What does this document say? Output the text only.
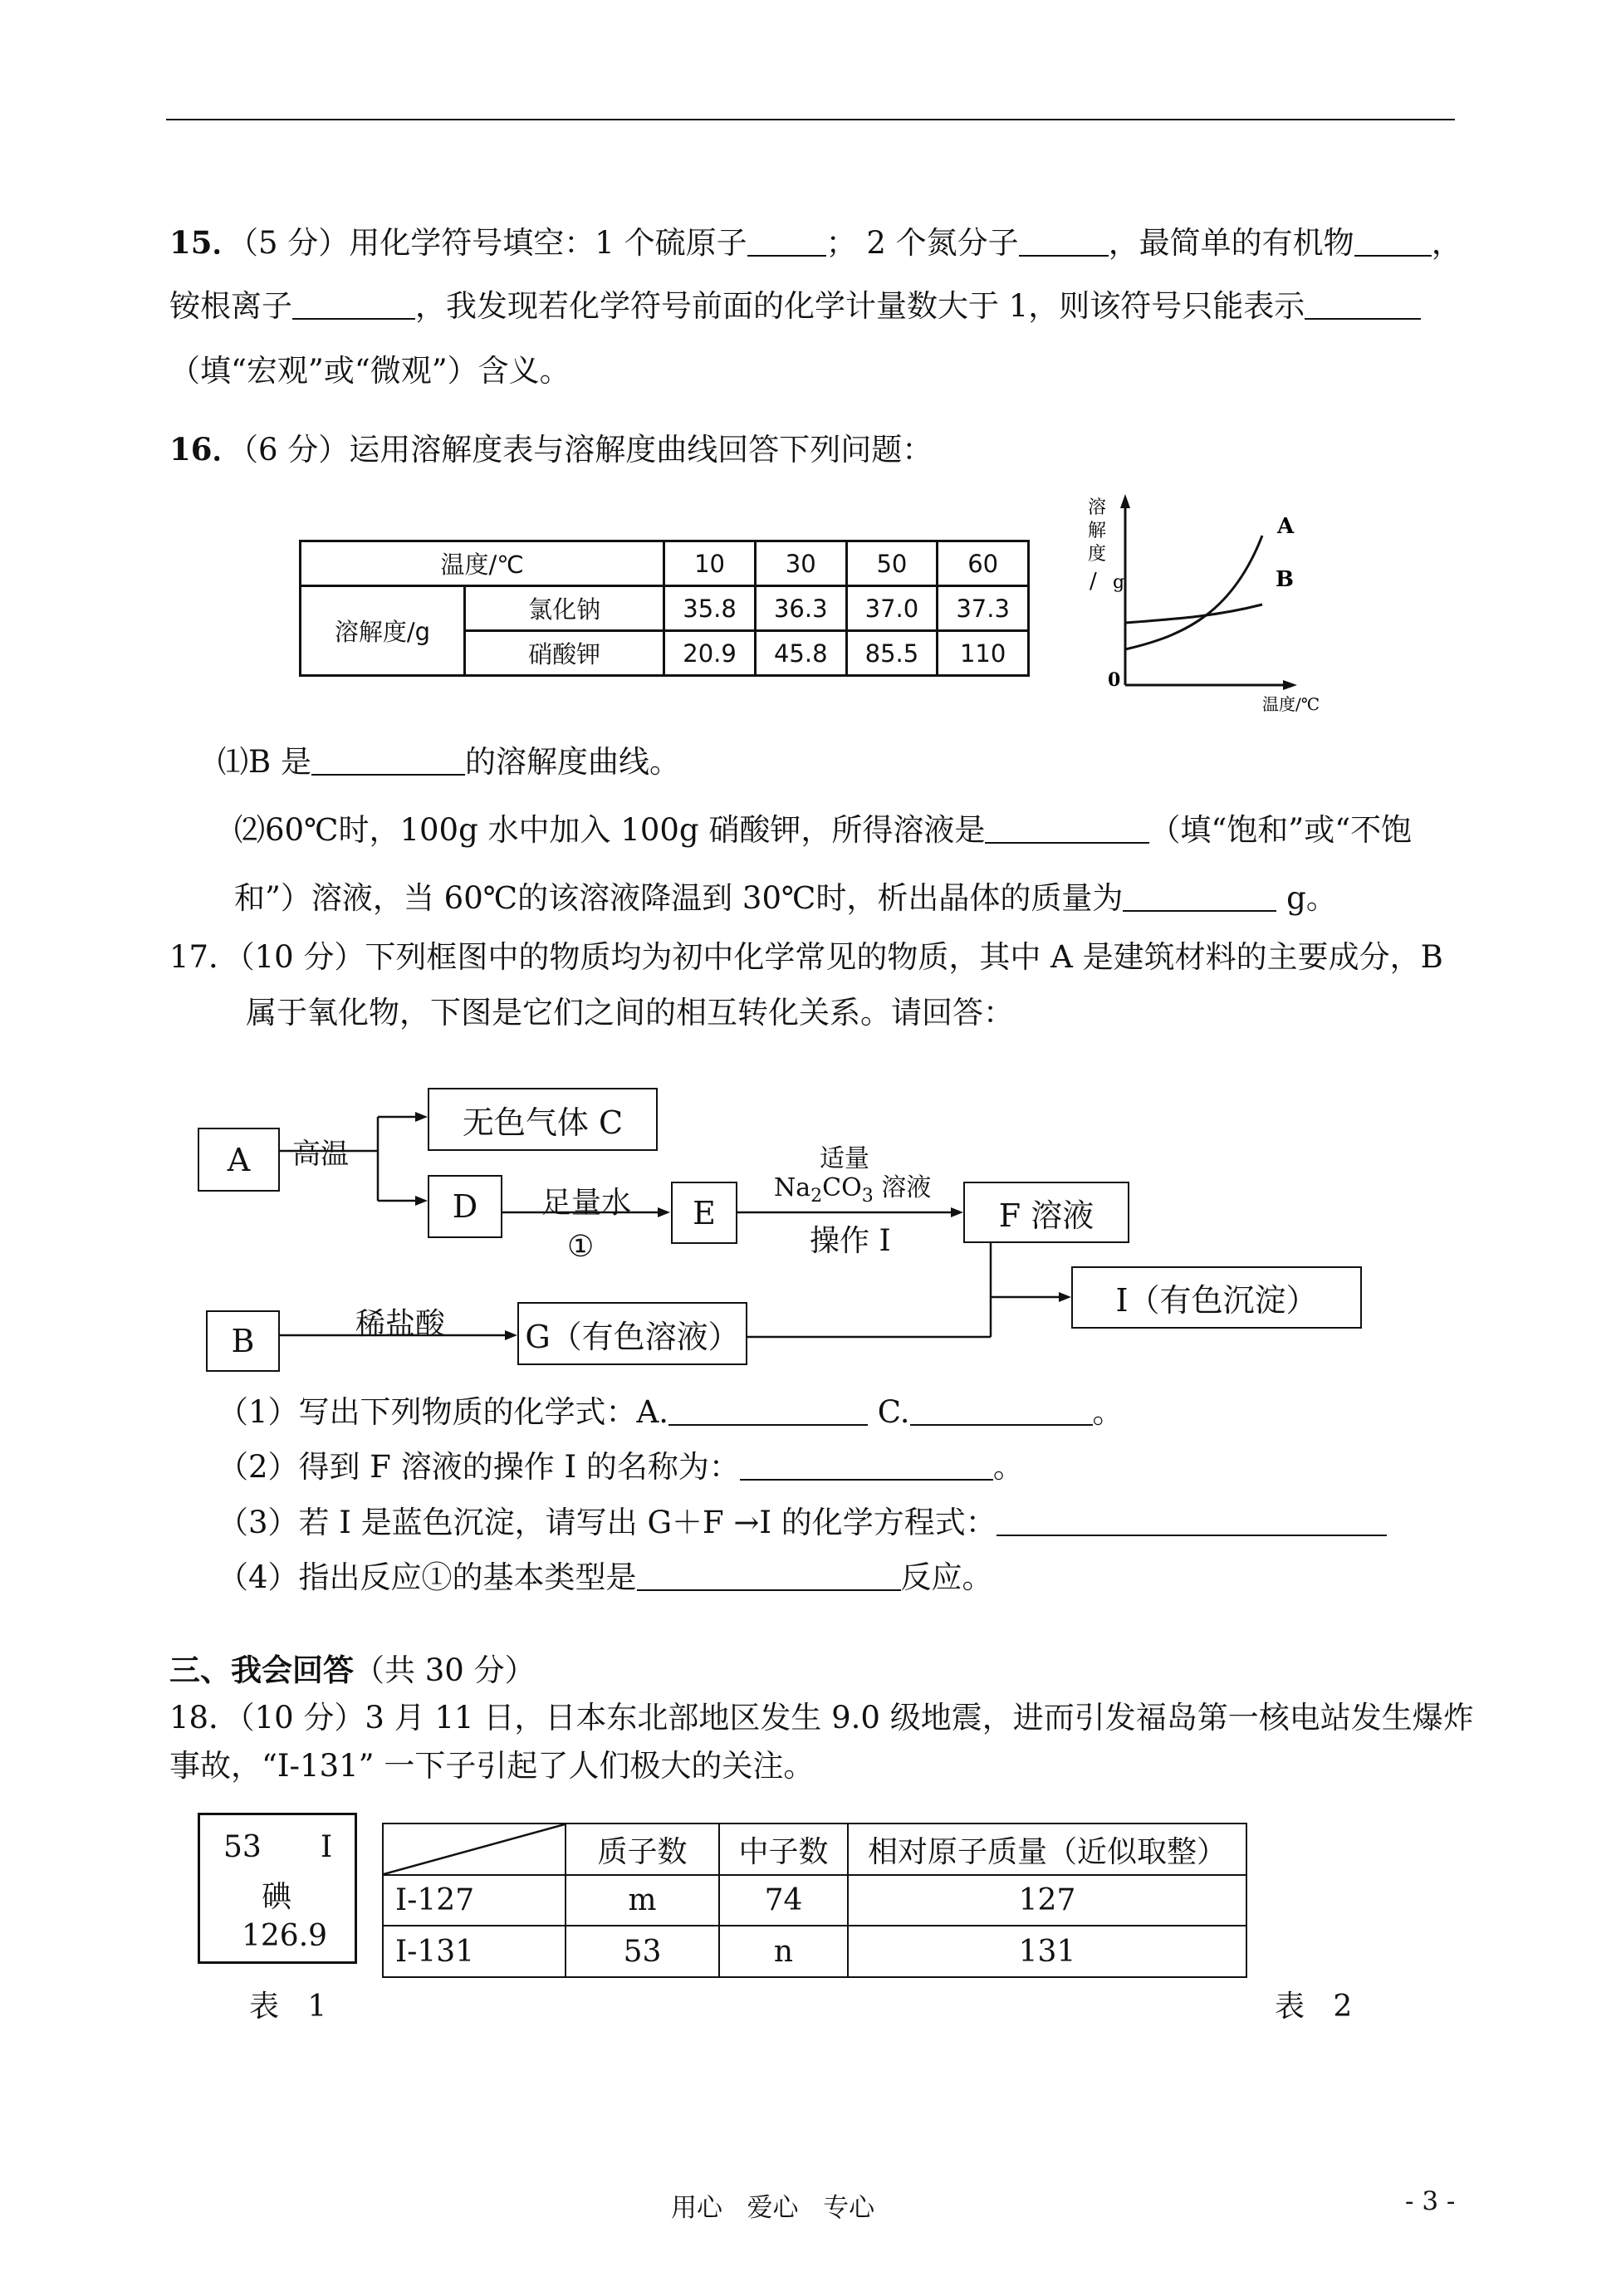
15．（5 分）用化学符号填空：1 个硫原子	； 2 个氮分子	，最简单的有机物	，
铵根离子	，我发现若化学符号前面的化学计量数大于 1，则该符号只能表示
（填“宏观”或“微观”）含义。
16．（6 分）运用溶解度表与溶解度曲线回答下列问题：
温度/℃		10	30	50	60
溶解度/g	氯化钠	35.8	36.3	37.0	37.3
	硝酸钾	20.9	45.8	85.5	110
溶
解
度
/ g
A
B
0
温度/℃
⑴B 是	的溶解度曲线。
⑵60℃时，100g 水中加入 100g 硝酸钾，所得溶液是	（填“饱和”或“不饱
和”）溶液，当 60℃的该溶液降温到 30℃时，析出晶体的质量为	g。
17．（10 分）下列框图中的物质均为初中化学常见的物质，其中 A 是建筑材料的主要成分，B
属于氧化物，下图是它们之间的相互转化关系。请回答：
A
无色气体 C
D	E	F 溶液
B	G（有色溶液）
I（有色沉淀）
高温
足量水
①
适量
$Na_2CO_3$ 溶液
操作 I
稀盐酸
（1）写出下列物质的化学式：A.	C.	。
（2）得到 F 溶液的操作 I 的名称为：	。
（3）若 I 是蓝色沉淀，请写出 G＋F →I 的化学方程式：
（4）指出反应①的基本类型是	反应。
三、我会回答（共 30 分）
18．（10 分）3 月 11 日，日本东北部地区发生 9.0 级地震，进而引发福岛第一核电站发生爆炸
事故，“I-131” 一下子引起了人们极大的关注。
53 I
碘
126.9
	质子数	中子数	相对原子质量（近似取整）
I-127	m	74	127
I-131	53	n	131
表   1	表   2
用心   爱心   专心	- 3 -
